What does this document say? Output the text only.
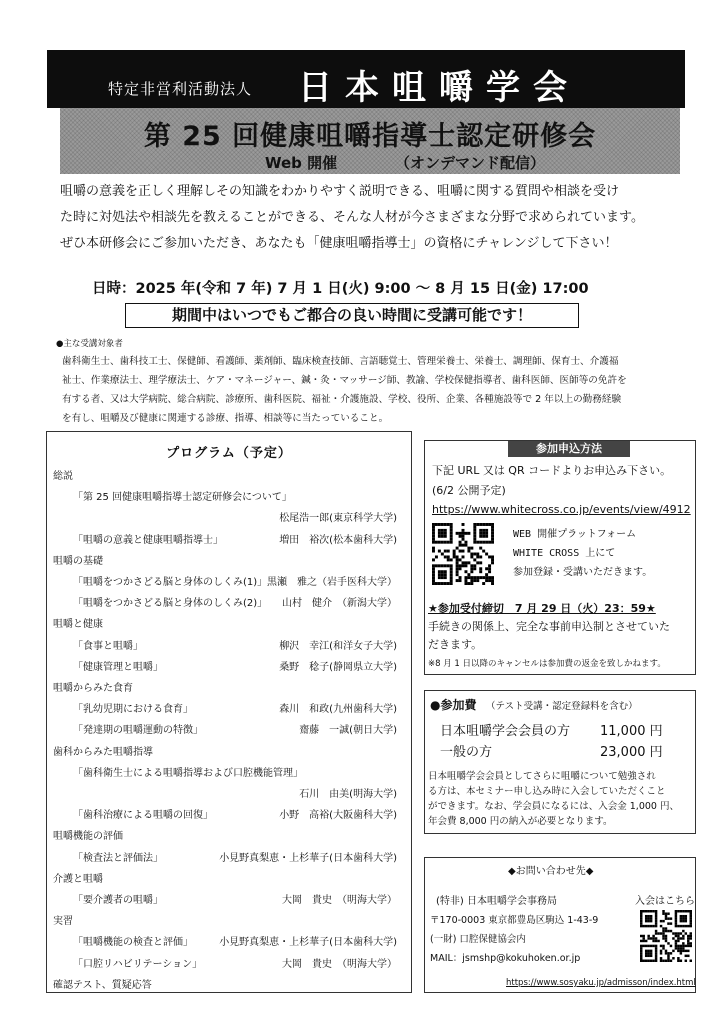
特定非営利活動法人 日本咀嚼学会
第 25 回健康咀嚼指導士認定研修会
Web 開催	（オンデマンド配信）
咀嚼の意義を正しく理解しその知識をわかりやすく説明できる、咀嚼に関する質問や相談を受け
た時に対処法や相談先を教えることができる、そんな人材が今さまざまな分野で求められています。
ぜひ本研修会にご参加いただき、あなたも「健康咀嚼指導士」の資格にチャレンジして下さい！
日時：2025 年(令和 7 年) 7 月 1 日(火) 9:00 ～ 8 月 15 日(金) 17:00
期間中はいつでもご都合の良い時間に受講可能です！
●主な受講対象者
歯科衛生士、歯科技工士、保健師、看護師、薬剤師、臨床検査技師、言語聴覚士、管理栄養士、栄養士、調理師、保育士、介護福
祉士、作業療法士、理学療法士、ケア・マネージャー、鍼・灸・マッサージ師、教諭、学校保健指導者、歯科医師、医師等の免許を
有する者、又は大学病院、総合病院、診療所、歯科医院、福祉・介護施設、学校、役所、企業、各種施設等で 2 年以上の勤務経験
を有し、咀嚼及び健康に関連する診療、指導、相談等に当たっていること。
プログラム（予定）
総説
「第 25 回健康咀嚼指導士認定研修会について」
松尾浩一郎(東京科学大学)
「咀嚼の意義と健康咀嚼指導士」	増田　裕次(松本歯科大学)
咀嚼の基礎
「咀嚼をつかさどる脳と身体のしくみ(1)」 黒瀬　雅之（岩手医科大学）
「咀嚼をつかさどる脳と身体のしくみ(2)」 山村　健介　（新潟大学）
咀嚼と健康
「食事と咀嚼」	柳沢　幸江(和洋女子大学)
「健康管理と咀嚼」	桑野　稔子(静岡県立大学)
咀嚼からみた食育
「乳幼児期における食育」	森川　和政(九州歯科大学)
「発達期の咀嚼運動の特徴」	齋藤　一誠(朝日大学)
歯科からみた咀嚼指導
「歯科衛生士による咀嚼指導および口腔機能管理」
石川　由美(明海大学)
「歯科治療による咀嚼の回復」	小野　高裕(大阪歯科大学)
咀嚼機能の評価
「検査法と評価法」	小見野真梨恵・上杉華子(日本歯科大学)
介護と咀嚼
「要介護者の咀嚼」	大岡　貴史　（明海大学）
実習
「咀嚼機能の検査と評価」	小見野真梨恵・上杉華子(日本歯科大学)
「口腔リハビリテーション」	大岡　貴史　（明海大学）
確認テスト、質疑応答
参加申込方法
下記 URL 又は QR コードよりお申込み下さい。
(6/2 公開予定)
https://www.whitecross.co.jp/events/view/4912
WEB 開催プラットフォーム
WHITE CROSS 上にて
参加登録・受講いただきます。
★参加受付締切　7 月 29 日（火）23：59★
手続きの関係上、完全な事前申込制とさせていた
だきます。
※8 月 1 日以降のキャンセルは参加費の返金を致しかねます。
●参加費 （テスト受講・認定登録料を含む）
日本咀嚼学会会員の方 11,000 円
一般の方	23,000 円
日本咀嚼学会会員としてさらに咀嚼について勉強され
る方は、本セミナー申し込み時に入会していただくこと
ができます。なお、学会員になるには、入会金 1,000 円、
年会費 8,000 円の納入が必要となります。
◆お問い合わせ先◆
(特非) 日本咀嚼学会事務局
〒170-0003 東京都豊島区駒込 1-43-9
(一財) 口腔保健協会内
MAIL：jsmshp@kokuhoken.or.jp
入会はこちら
https://www.sosyaku.jp/admisson/index.html
